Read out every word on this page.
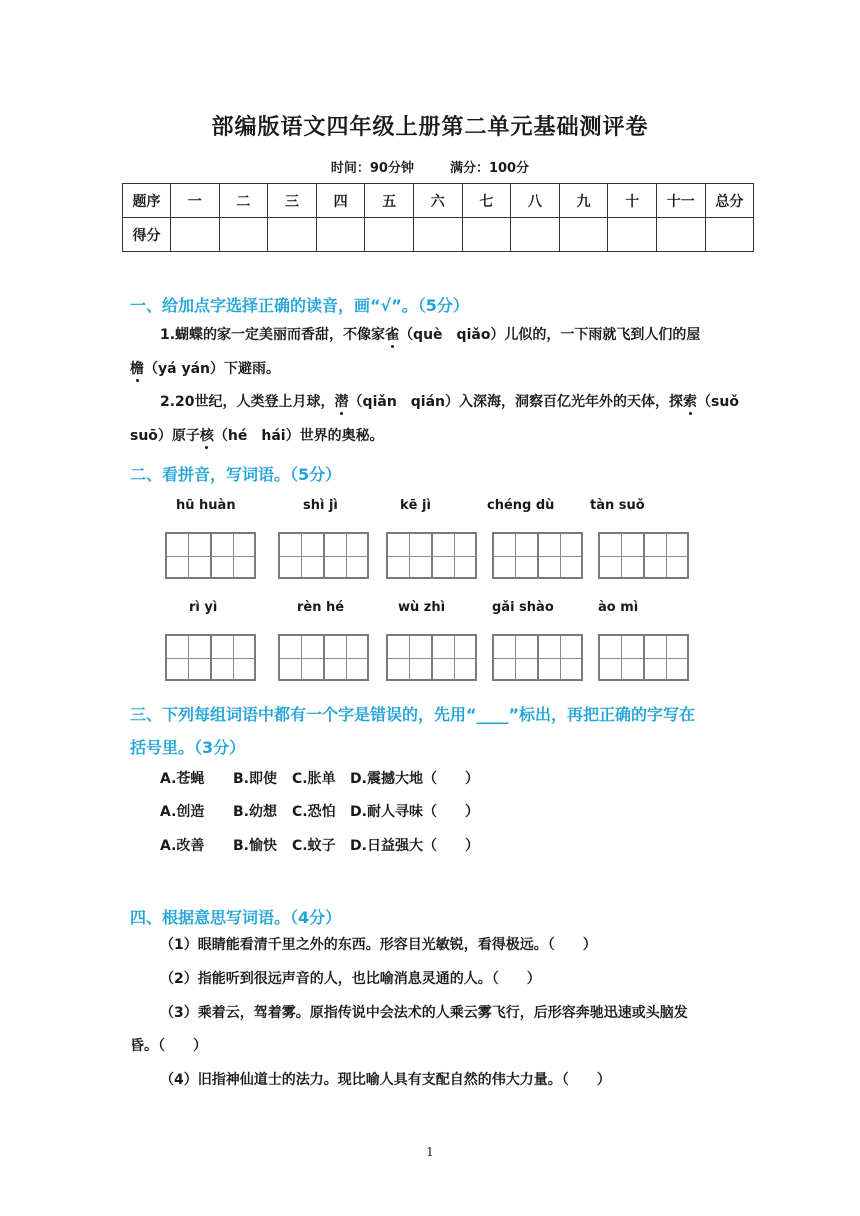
部编版语文四年级上册第二单元基础测评卷
时间：90分钟	满分：100分
题序	一	二	三	四	五	六	七	八	九	十	十一	总分
得分												
一、给加点字选择正确的读音，画“√”。（5分）
1.蝴蝶的家一定美丽而香甜，不像家雀（què　qiǎo）儿似的，一下雨就飞到人们的屋
檐（yá yán）下避雨。
2.20世纪，人类登上月球，潜（qiǎn　qián）入深海，洞察百亿光年外的天体，探索（suǒ
suō）原子核（hé　hái）世界的奥秘。
二、看拼音，写词语。（5分）
hū huàn	shì jì	kē jì	chéng dù	tàn suǒ
rì yì	rèn hé	wù zhì	gǎi shào	ào mì
三、下列每组词语中都有一个字是错误的，先用“____”标出，再把正确的字写在
括号里。（3分）
A.苍蝇 B.即使 C.胀单 D.震撼大地（　　）
A.创造 B.幼想 C.恐怕 D.耐人寻味（　　）
A.改善 B.愉快 C.蚊子 D.日益强大（　　）
四、根据意思写词语。（4分）
（1）眼睛能看清千里之外的东西。形容目光敏锐，看得极远。（　　）
（2）指能听到很远声音的人，也比喻消息灵通的人。（　　）
（3）乘着云，驾着雾。原指传说中会法术的人乘云雾飞行，后形容奔驰迅速或头脑发
昏。（　　）
（4）旧指神仙道士的法力。现比喻人具有支配自然的伟大力量。（　　）
1
